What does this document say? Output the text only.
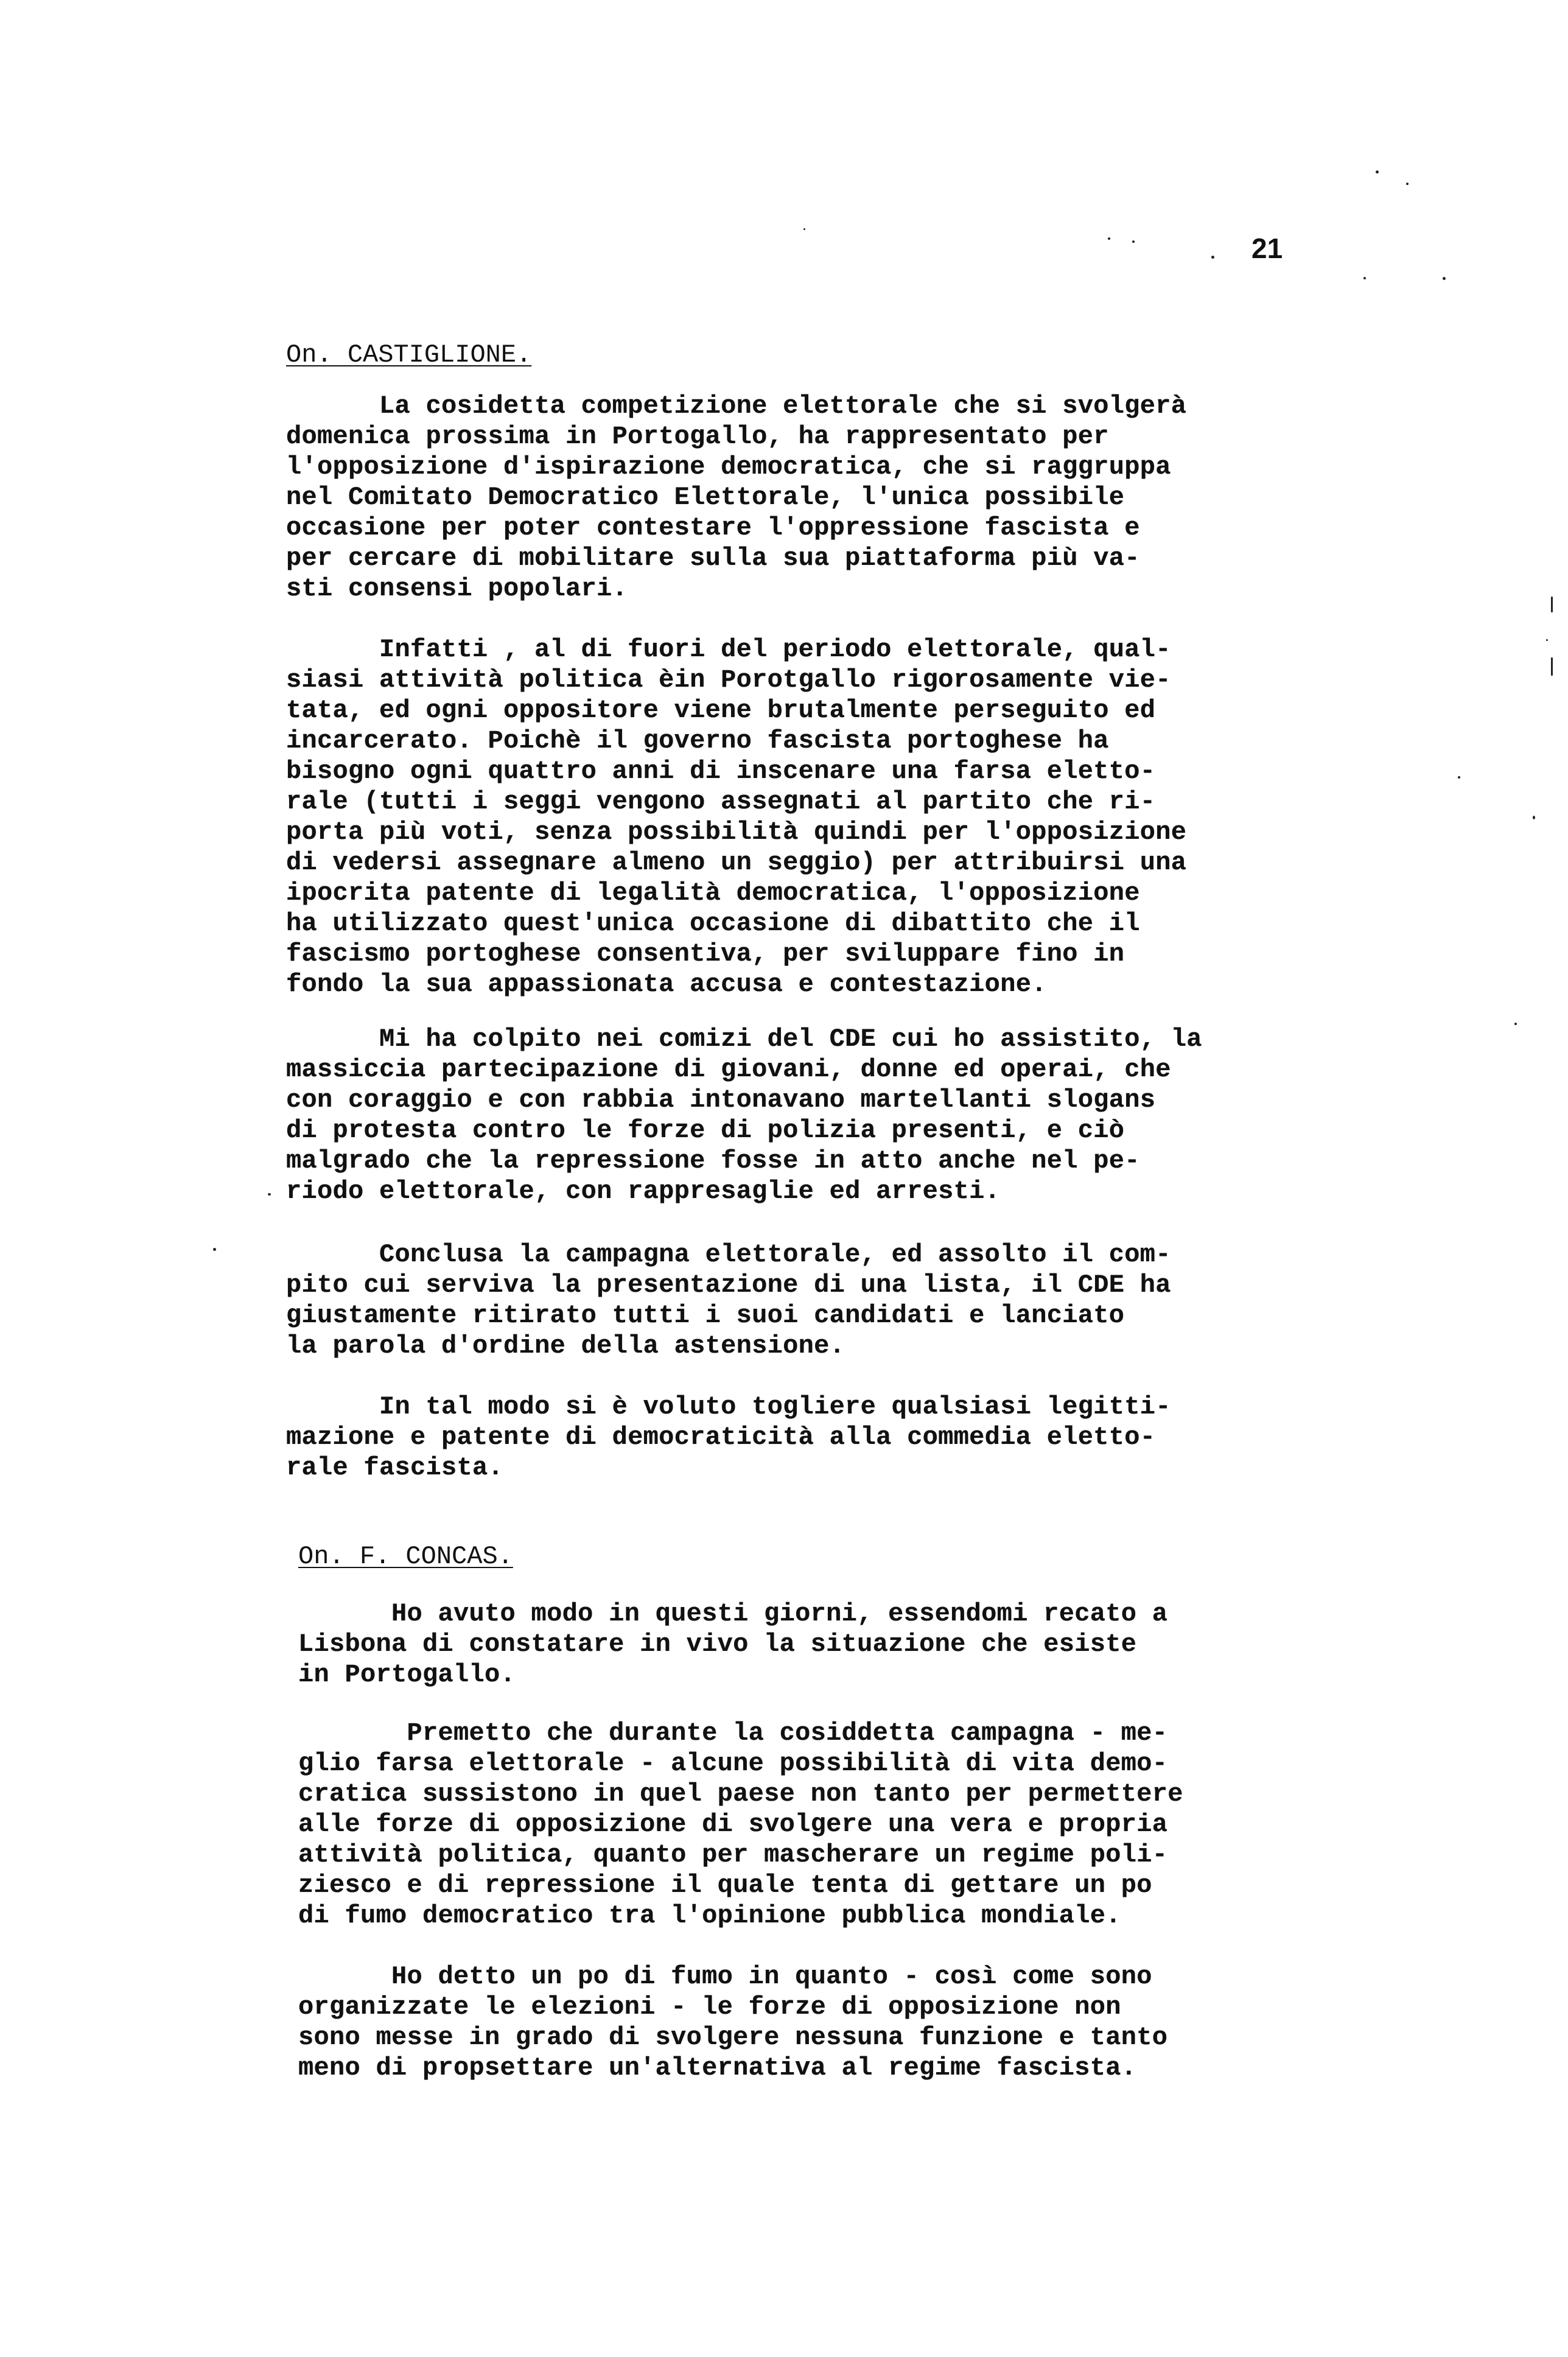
21
On. CASTIGLIONE.
La cosidetta competizione elettorale che si svolgerà
domenica prossima in Portogallo, ha rappresentato per
l'opposizione d'ispirazione democratica, che si raggruppa
nel Comitato Democratico Elettorale, l'unica possibile
occasione per poter contestare l'oppressione fascista e
per cercare di mobilitare sulla sua piattaforma più va-
sti consensi popolari.
Infatti , al di fuori del periodo elettorale, qual-
siasi attività politica èin Porotgallo rigorosamente vie-
tata, ed ogni oppositore viene brutalmente perseguito ed
incarcerato. Poichè il governo fascista portoghese ha
bisogno ogni quattro anni di inscenare una farsa eletto-
rale (tutti i seggi vengono assegnati al partito che ri-
porta più voti, senza possibilità quindi per l'opposizione
di vedersi assegnare almeno un seggio) per attribuirsi una
ipocrita patente di legalità democratica, l'opposizione
ha utilizzato quest'unica occasione di dibattito che il
fascismo portoghese consentiva, per sviluppare fino in
fondo la sua appassionata accusa e contestazione.
Mi ha colpito nei comizi del CDE cui ho assistito, la
massiccia partecipazione di giovani, donne ed operai, che
con coraggio e con rabbia intonavano martellanti slogans
di protesta contro le forze di polizia presenti, e ciò
malgrado che la repressione fosse in atto anche nel pe-
riodo elettorale, con rappresaglie ed arresti.
Conclusa la campagna elettorale, ed assolto il com-
pito cui serviva la presentazione di una lista, il CDE ha
giustamente ritirato tutti i suoi candidati e lanciato
la parola d'ordine della astensione.
In tal modo si è voluto togliere qualsiasi legitti-
mazione e patente di democraticità alla commedia eletto-
rale fascista.
On. F. CONCAS.
Ho avuto modo in questi giorni, essendomi recato a
Lisbona di constatare in vivo la situazione che esiste
in Portogallo.
Premetto che durante la cosiddetta campagna - me-
glio farsa elettorale - alcune possibilità di vita demo-
cratica sussistono in quel paese non tanto per permettere
alle forze di opposizione di svolgere una vera e propria
attività politica, quanto per mascherare un regime poli-
ziesco e di repressione il quale tenta di gettare un po
di fumo democratico tra l'opinione pubblica mondiale.
Ho detto un po di fumo in quanto - così come sono
organizzate le elezioni - le forze di opposizione non
sono messe in grado di svolgere nessuna funzione e tanto
meno di propsettare un'alternativa al regime fascista.
